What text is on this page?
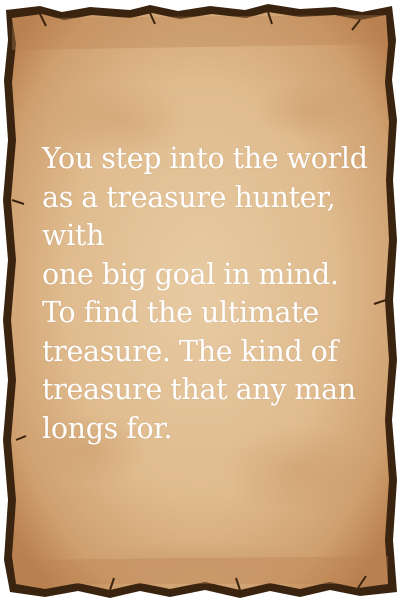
You step into the world
as a treasure hunter, with
one big goal in mind.
To find the ultimate
treasure. The kind of
treasure that any man
longs for.
